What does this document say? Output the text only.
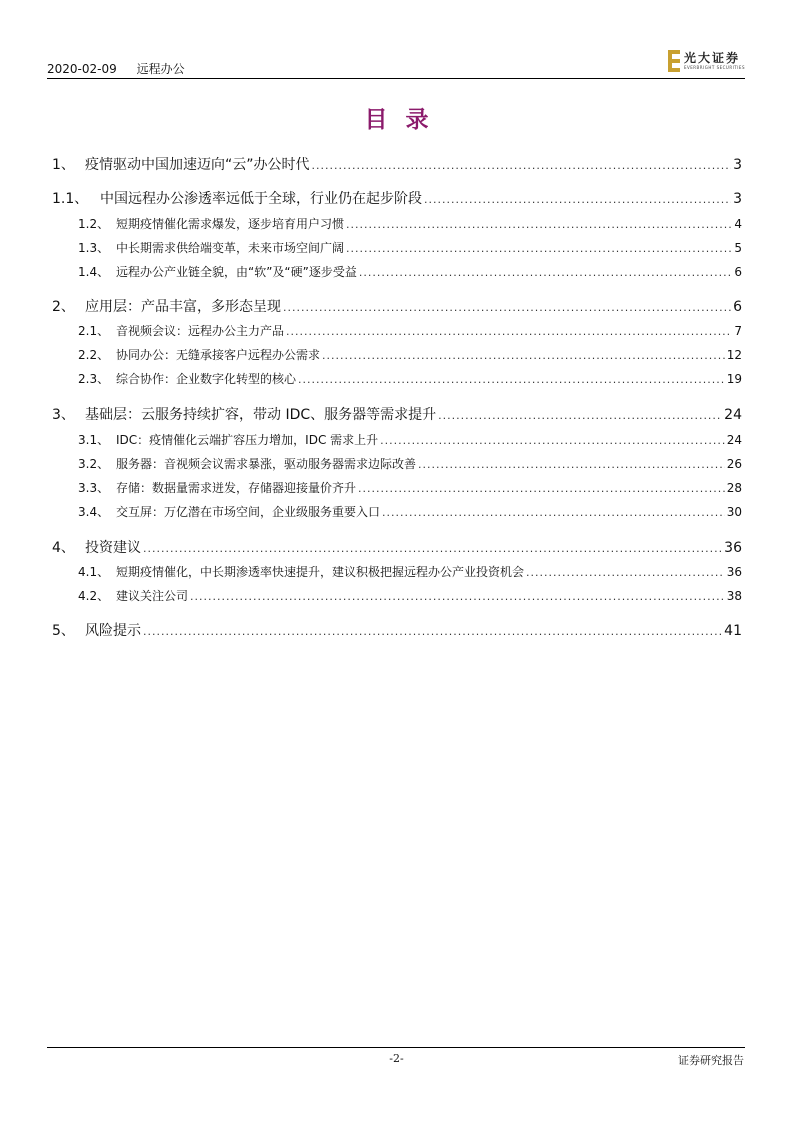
2020-02-09 远程办公
光大证券
EVERBRIGHT SECURITIES
目录
1、 疫情驱动中国加速迈向“云”办公时代 .....	3
1.1、 中国远程办公渗透率远低于全球，行业仍在起步阶段 .....	3
1.2、 短期疫情催化需求爆发，逐步培育用户习惯 .....	4
1.3、 中长期需求供给端变革，未来市场空间广阔 .....	5
1.4、 远程办公产业链全貌，由“软”及“硬”逐步受益 .....	6
2、 应用层：产品丰富，多形态呈现 .....	6
2.1、 音视频会议：远程办公主力产品 .....	7
2.2、 协同办公：无缝承接客户远程办公需求 .....	12
2.3、 综合协作：企业数字化转型的核心 .....	19
3、 基础层：云服务持续扩容，带动 IDC、服务器等需求提升 .....	24
3.1、 IDC：疫情催化云端扩容压力增加，IDC 需求上升 .....	24
3.2、 服务器：音视频会议需求暴涨，驱动服务器需求边际改善 .....	26
3.3、 存储：数据量需求迸发，存储器迎接量价齐升 .....	28
3.4、 交互屏：万亿潜在市场空间，企业级服务重要入口 .....	30
4、 投资建议 .....	36
4.1、 短期疫情催化，中长期渗透率快速提升，建议积极把握远程办公产业投资机会 .....	36
4.2、 建议关注公司 .....	38
5、 风险提示 .....	41
-2-	证券研究报告
